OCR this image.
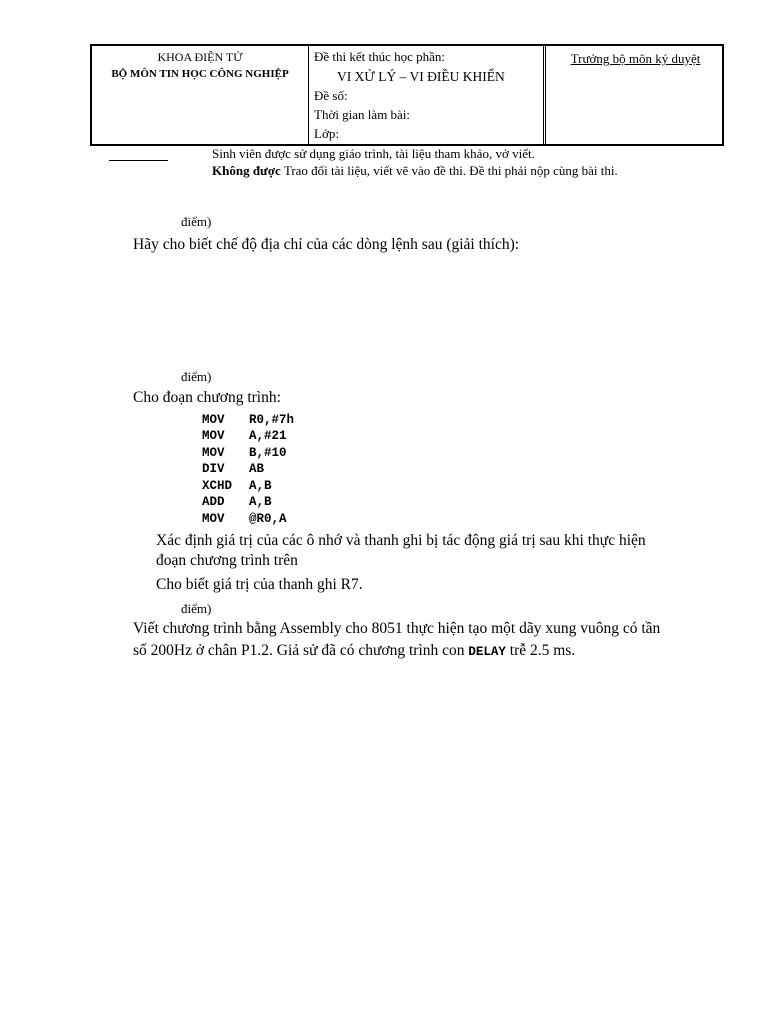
KHOA ĐIỆN TỬ
BỘ MÔN TIN HỌC CÔNG NGHIỆP
Đề thi kết thúc học phần:
VI XỬ LÝ – VI ĐIỀU KHIỂN
Đề số:
Thời gian làm bài:
Lớp:
Trưởng bộ môn ký duyệt
Sinh viên được sử dụng giáo trình, tài liệu tham khảo, vở viết.
Không được Trao đổi tài liệu, viết vẽ vào đề thi. Đề thi phải nộp cùng bài thi.
điểm)
Hãy cho biết chế độ địa chỉ của các dòng lệnh sau (giải thích):
điểm)
Cho đoạn chương trình:
MOV R0,#7h
MOV A,#21
MOV B,#10
DIV AB
XCHD A,B
ADD A,B
MOV @R0,A
Xác định giá trị của các ô nhớ và thanh ghi bị tác động giá trị sau khi thực hiện
đoạn chương trình trên
Cho biết giá trị của thanh ghi R7.
điểm)
Viết chương trình bằng Assembly cho 8051 thực hiện tạo một dãy xung vuông có tần
số 200Hz ở chân P1.2. Giả sử đã có chương trình con DELAY trễ 2.5 ms.
